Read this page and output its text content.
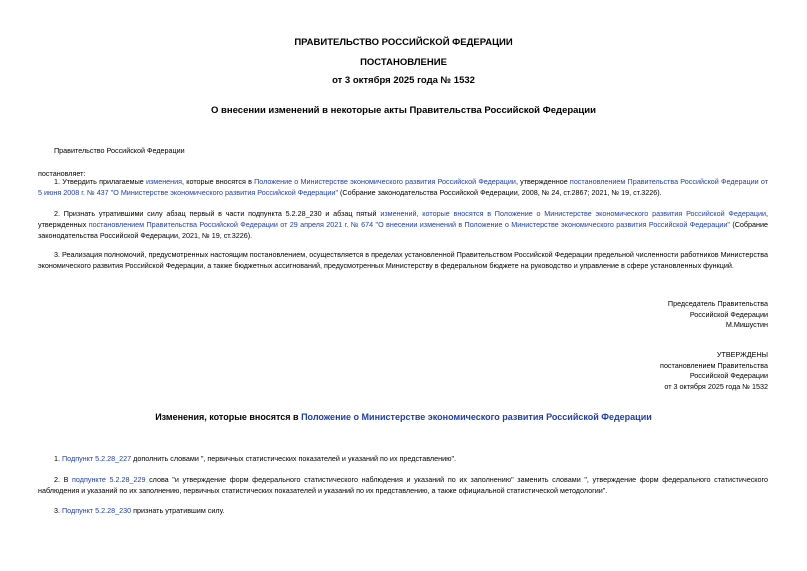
ПРАВИТЕЛЬСТВО РОССИЙСКОЙ ФЕДЕРАЦИИ
ПОСТАНОВЛЕНИЕ
от 3 октября 2025 года № 1532
О внесении изменений в некоторые акты Правительства Российской Федерации
Правительство Российской Федерации
постановляет:
1. Утвердить прилагаемые изменения, которые вносятся в Положение о Министерстве экономического развития Российской Федерации, утвержденное постановлением Правительства Российской Федерации от 5 июня 2008 г. № 437 "О Министерстве экономического развития Российской Федерации" (Собрание законодательства Российской Федерации, 2008, № 24, ст.2867; 2021, № 19, ст.3226).
2. Признать утратившими силу абзац первый в части подпункта 5.2.28_230 и абзац пятый изменений, которые вносятся в Положение о Министерстве экономического развития Российской Федерации, утвержденных постановлением Правительства Российской Федерации от 29 апреля 2021 г. № 674 "О внесении изменений в Положение о Министерстве экономического развития Российской Федерации" (Собрание законодательства Российской Федерации, 2021, № 19, ст.3226).
3. Реализация полномочий, предусмотренных настоящим постановлением, осуществляется в пределах установленной Правительством Российской Федерации предельной численности работников Министерства экономического развития Российской Федерации, а также бюджетных ассигнований, предусмотренных Министерству в федеральном бюджете на руководство и управление в сфере установленных функций.
Председатель Правительства
Российской Федерации
М.Мишустин
УТВЕРЖДЕНЫ
постановлением Правительства
Российской Федерации
от 3 октября 2025 года № 1532
Изменения, которые вносятся в Положение о Министерстве экономического развития Российской Федерации
1. Подпункт 5.2.28_227 дополнить словами ", первичных статистических показателей и указаний по их представлению".
2. В подпункте 5.2.28_229 слова "и утверждение форм федерального статистического наблюдения и указаний по их заполнению" заменить словами ", утверждение форм федерального статистического наблюдения и указаний по их заполнению, первичных статистических показателей и указаний по их представлению, а также официальной статистической методологии".
3. Подпункт 5.2.28_230 признать утратившим силу.
